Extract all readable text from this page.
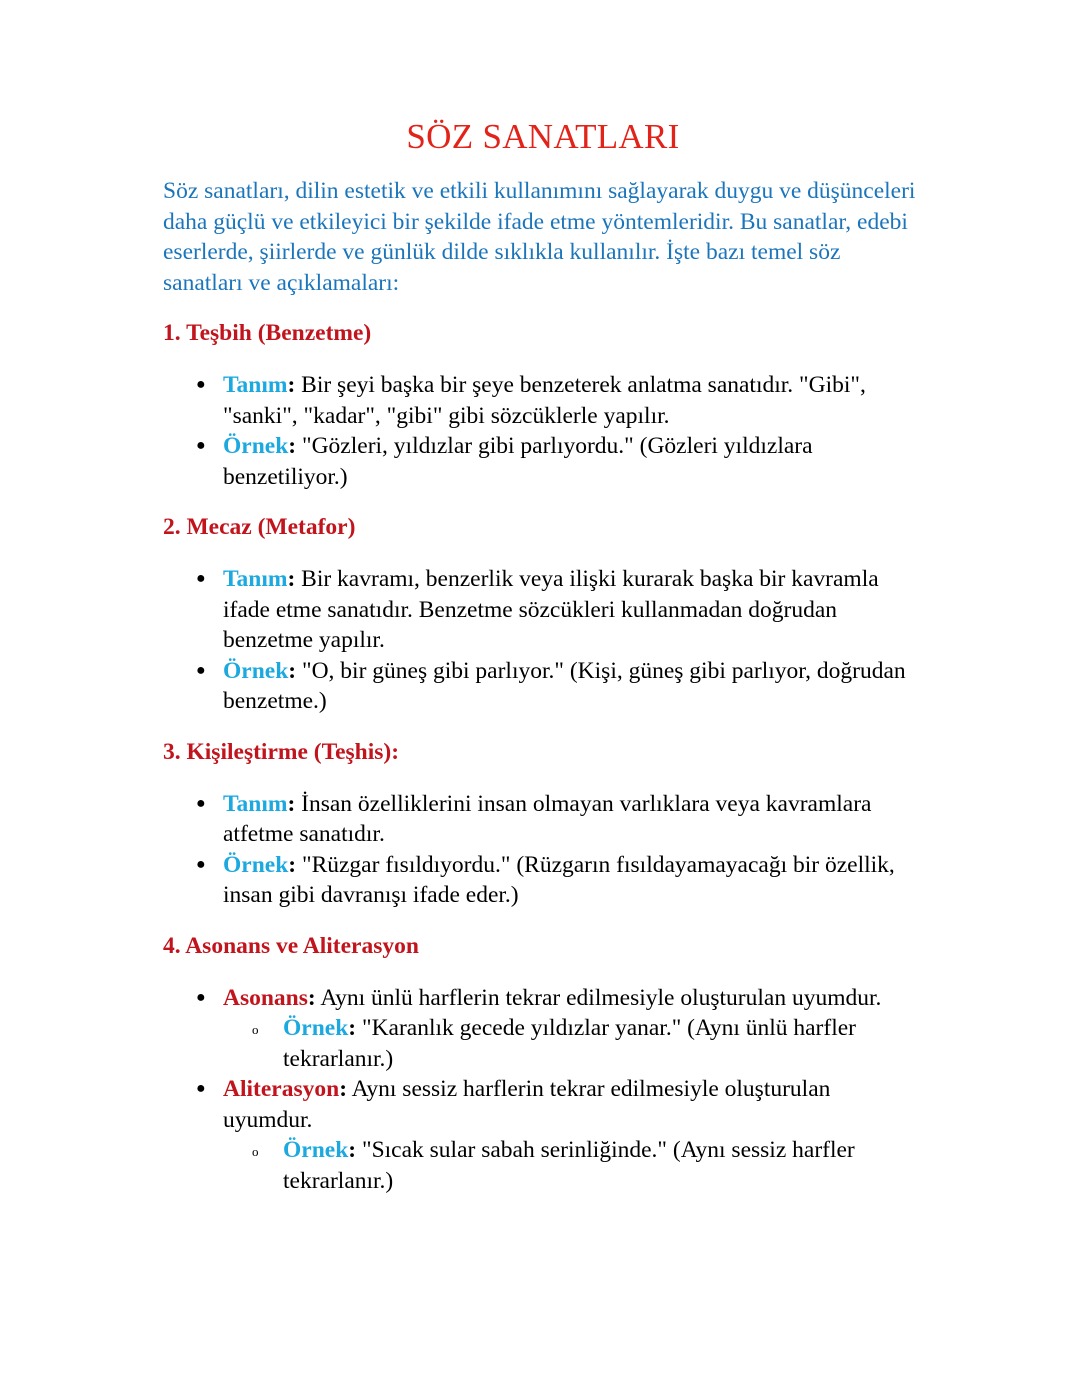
SÖZ SANATLARI

Söz sanatları, dilin estetik ve etkili kullanımını sağlayarak duygu ve düşünceleri daha güçlü ve etkileyici bir şekilde ifade etme yöntemleridir. Bu sanatlar, edebi eserlerde, şiirlerde ve günlük dilde sıklıkla kullanılır. İşte bazı temel söz sanatları ve açıklamaları:

1. Teşbih (Benzetme)
● Tanım: Bir şeyi başka bir şeye benzeterek anlatma sanatıdır. "Gibi", "sanki", "kadar", "gibi" gibi sözcüklerle yapılır.
● Örnek: "Gözleri, yıldızlar gibi parlıyordu." (Gözleri yıldızlara benzetiliyor.)
2. Mecaz (Metafor)
● Tanım: Bir kavramı, benzerlik veya ilişki kurarak başka bir kavramla ifade etme sanatıdır. Benzetme sözcükleri kullanmadan doğrudan benzetme yapılır.
● Örnek: "O, bir güneş gibi parlıyor." (Kişi, güneş gibi parlıyor, doğrudan benzetme.)
3. Kişileştirme (Teşhis):
● Tanım: İnsan özelliklerini insan olmayan varlıklara veya kavramlara atfetme sanatıdır.
● Örnek: "Rüzgar fısıldıyordu." (Rüzgarın fısıldayamayacağı bir özellik, insan gibi davranışı ifade eder.)
4. Asonans ve Aliterasyon
● Asonans: Aynı ünlü harflerin tekrar edilmesiyle oluşturulan uyumdur.
o Örnek: "Karanlık gecede yıldızlar yanar." (Aynı ünlü harfler tekrarlanır.)
● Aliterasyon: Aynı sessiz harflerin tekrar edilmesiyle oluşturulan uyumdur.
o Örnek: "Sıcak sular sabah serinliğinde." (Aynı sessiz harfler tekrarlanır.)
